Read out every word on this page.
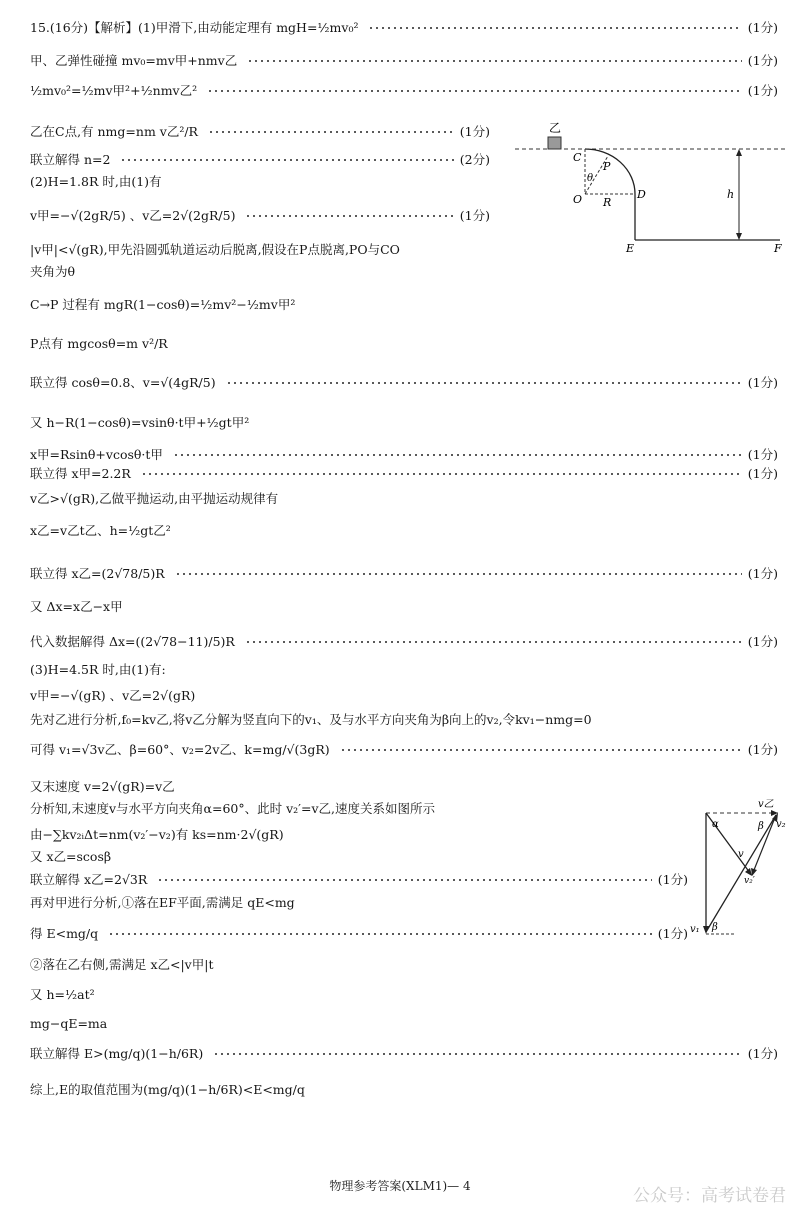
15.(16分)【解析】(1)甲滑下,由动能定理有 mgH=½mv₀²	(1分)
甲、乙弹性碰撞 mv₀=mv甲+nmv乙	(1分)
½mv₀²=½mv甲²+½nmv乙²	(1分)
乙在C点,有 nmg=nm v乙²/R	(1分)
联立解得 n=2	(2分)
(2)H=1.8R 时,由(1)有
v甲=−√(2gR/5) 、v乙=2√(2gR/5)	(1分)
|v甲|<√(gR),甲先沿圆弧轨道运动后脱离,假设在P点脱离,PO与CO
夹角为θ
C→P 过程有 mgR(1−cosθ)=½mv²−½mv甲²
P点有 mgcosθ=m v²/R
联立得 cosθ=0.8、v=√(4gR/5)	(1分)
又 h−R(1−cosθ)=vsinθ·t甲+½gt甲²
x甲=Rsinθ+vcosθ·t甲	(1分)
联立得 x甲=2.2R	(1分)
v乙>√(gR),乙做平抛运动,由平抛运动规律有
x乙=v乙t乙、h=½gt乙²
联立得 x乙=(2√78/5)R	(1分)
又 Δx=x乙−x甲
代入数据解得 Δx=((2√78−11)/5)R	(1分)
(3)H=4.5R 时,由(1)有:
v甲=−√(gR) 、v乙=2√(gR)
先对乙进行分析,f₀=kv乙,将v乙分解为竖直向下的v₁、及与水平方向夹角为β向上的v₂,令kv₁−nmg=0
可得 v₁=√3v乙、β=60°、v₂=2v乙、k=mg/√(3gR)	(1分)
又末速度 v=2√(gR)=v乙
分析知,末速度v与水平方向夹角α=60°、此时 v₂′=v乙,速度关系如图所示
由−∑kv₂ᵢΔt=nm(v₂′−v₂)有 ks=nm·2√(gR)
又 x乙=scosβ
联立解得 x乙=2√3R	(1分)
再对甲进行分析,①落在EF平面,需满足 qE<mg
得 E<mg/q	(1分)
②落在乙右侧,需满足 x乙<|v甲|t
又 h=½at²
mg−qE=ma
联立解得 E>(mg/q)(1−h/6R)	(1分)
综上,E的取值范围为(mg/q)(1−h/6R)<E<mg/q
乙
C
P
θ
O R
D
E	F
h
v乙
v₂
β
α
v
v₂′
v₁ β
物理参考答案(XLM1)— 4	公众号：高考试卷君
